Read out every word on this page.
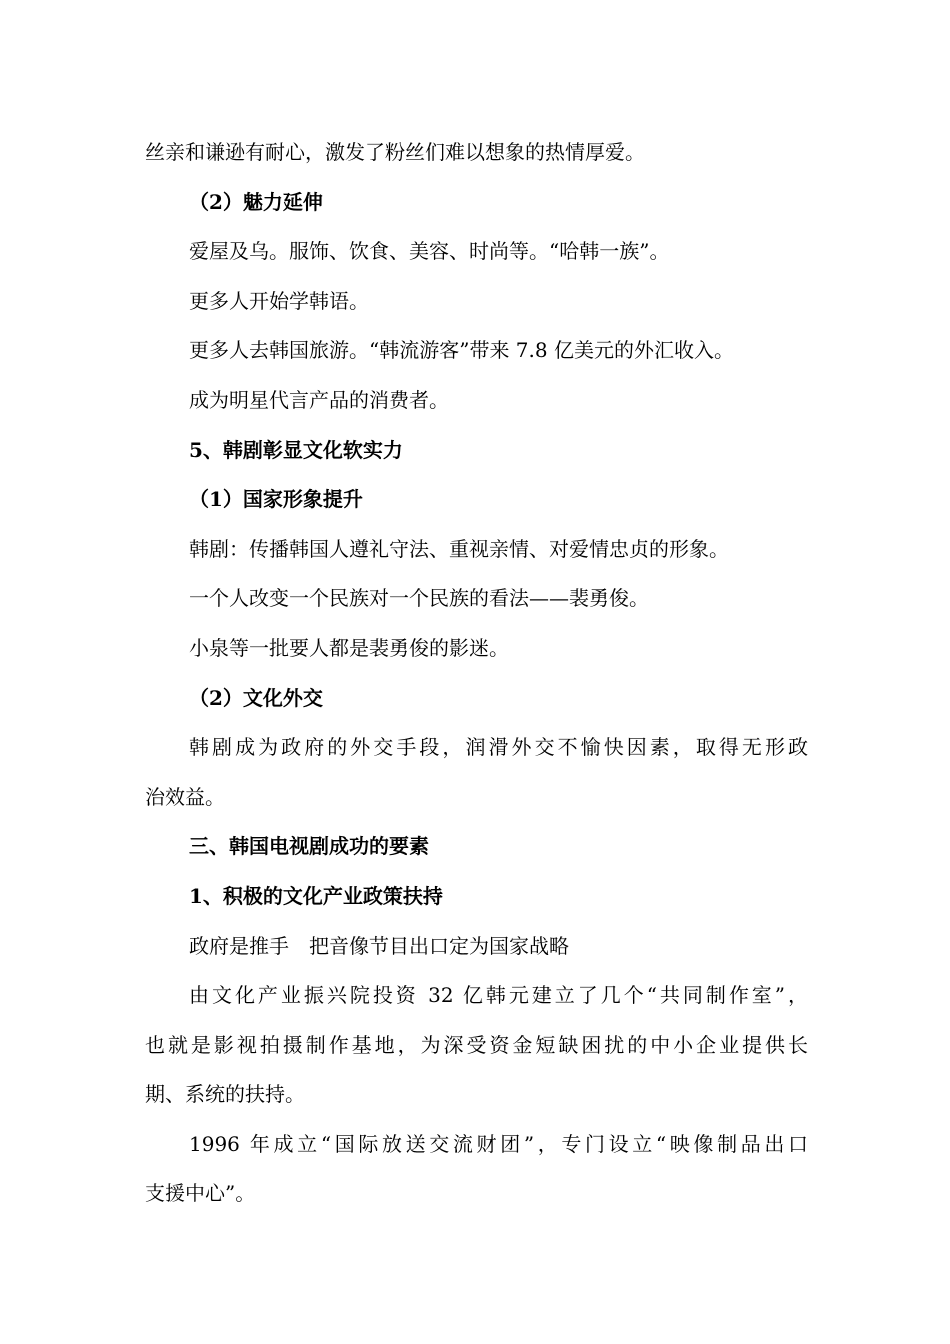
丝亲和谦逊有耐心，激发了粉丝们难以想象的热情厚爱。
（2）魅力延伸
爱屋及乌。服饰、饮食、美容、时尚等。“哈韩一族”。
更多人开始学韩语。
更多人去韩国旅游。“韩流游客”带来 7.8 亿美元的外汇收入。
成为明星代言产品的消费者。
5、韩剧彰显文化软实力
（1）国家形象提升
韩剧：传播韩国人遵礼守法、重视亲情、对爱情忠贞的形象。
一个人改变一个民族对一个民族的看法——裴勇俊。
小泉等一批要人都是裴勇俊的影迷。
（2）文化外交
韩剧成为政府的外交手段，润滑外交不愉快因素，取得无形政
治效益。
三、韩国电视剧成功的要素
1、积极的文化产业政策扶持
政府是推手　把音像节目出口定为国家战略
由文化产业振兴院投资 32 亿韩元建立了几个“共同制作室”，
也就是影视拍摄制作基地，为深受资金短缺困扰的中小企业提供长
期、系统的扶持。
1996 年成立“国际放送交流财团”，专门设立“映像制品出口
支援中心”。
